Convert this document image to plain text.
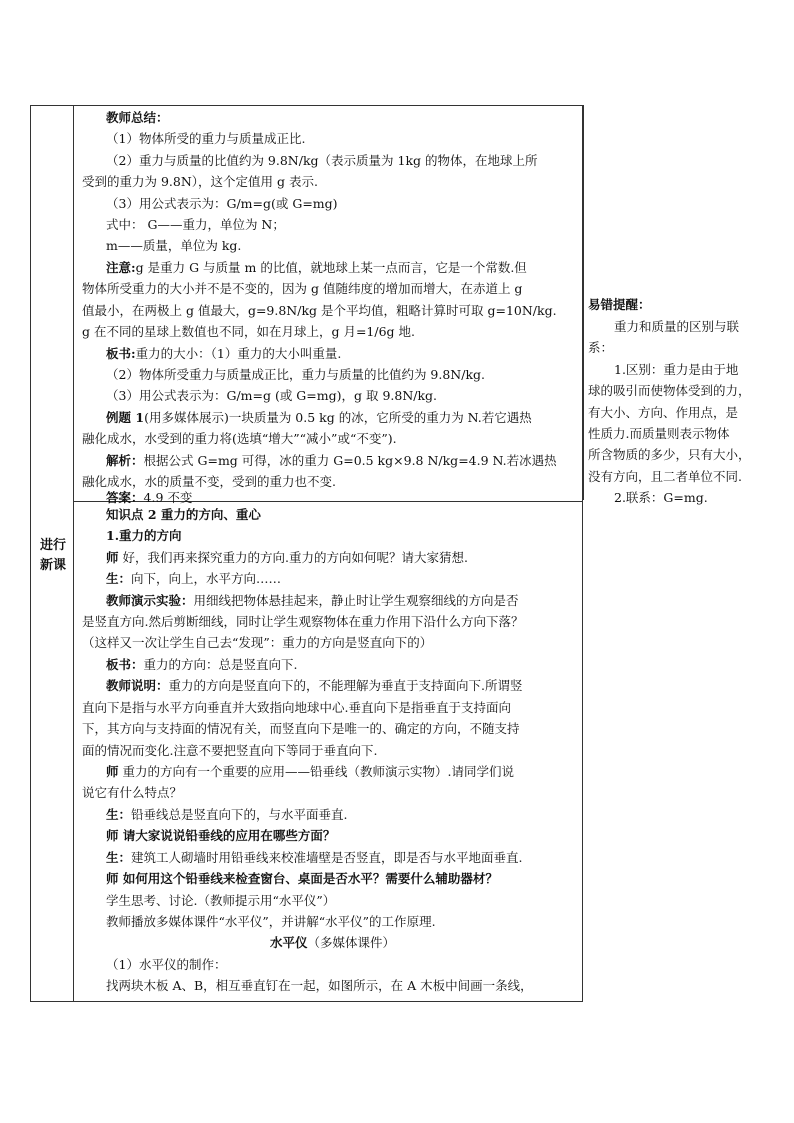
进行
新课
教师总结：
（1）物体所受的重力与质量成正比.
（2）重力与质量的比值约为 9.8N/kg（表示质量为 1kg 的物体，在地球上所
受到的重力为 9.8N），这个定值用 g 表示.
（3）用公式表示为：G/m=g(或 G=mg)
式中： G——重力，单位为 N；
m——质量，单位为 kg.
注意:g 是重力 G 与质量 m 的比值，就地球上某一点而言，它是一个常数.但
物体所受重力的大小并不是不变的，因为 g 值随纬度的增加而增大，在赤道上 g
值最小，在两极上 g 值最大，g=9.8N/kg 是个平均值，粗略计算时可取 g=10N/kg.
g 在不同的星球上数值也不同，如在月球上，g 月=1/6g 地.
板书:重力的大小：（1）重力的大小叫重量.
（2）物体所受重力与质量成正比，重力与质量的比值约为 9.8N/kg.
（3）用公式表示为：G/m=g (或 G=mg)，g 取 9.8N/kg.
例题 1(用多媒体展示)一块质量为 0.5 kg 的冰，它所受的重力为 N.若它遇热
融化成水，水受到的重力将(选填“增大”“减小”或“不变”).
解析：根据公式 G=mg 可得，冰的重力 G=0.5 kg×9.8 N/kg=4.9 N.若冰遇热
融化成水，水的质量不变，受到的重力也不变.
答案：4.9 不变
知识点 2 重力的方向、重心
1.重力的方向
师 好，我们再来探究重力的方向.重力的方向如何呢？请大家猜想.
生：向下，向上，水平方向……
教师演示实验：用细线把物体悬挂起来，静止时让学生观察细线的方向是否
是竖直方向.然后剪断细线，同时让学生观察物体在重力作用下沿什么方向下落？
（这样又一次让学生自己去“发现”：重力的方向是竖直向下的）
板书：重力的方向：总是竖直向下.
教师说明：重力的方向是竖直向下的，不能理解为垂直于支持面向下.所谓竖
直向下是指与水平方向垂直并大致指向地球中心.垂直向下是指垂直于支持面向
下，其方向与支持面的情况有关，而竖直向下是唯一的、确定的方向，不随支持
面的情况而变化.注意不要把竖直向下等同于垂直向下.
师 重力的方向有一个重要的应用——铅垂线（教师演示实物）.请同学们说
说它有什么特点？
生：铅垂线总是竖直向下的，与水平面垂直.
师 请大家说说铅垂线的应用在哪些方面？
生：建筑工人砌墙时用铅垂线来校准墙壁是否竖直，即是否与水平地面垂直.
师 如何用这个铅垂线来检查窗台、桌面是否水平？需要什么辅助器材？
学生思考、讨论.（教师提示用“水平仪”）
教师播放多媒体课件“水平仪”，并讲解“水平仪”的工作原理.
水平仪（多媒体课件）
（1）水平仪的制作：
找两块木板 A、B，相互垂直钉在一起，如图所示，在 A 木板中间画一条线，
易错提醒：
重力和质量的区别与联
系：
1.区别：重力是由于地
球的吸引而使物体受到的力，
有大小、方向、作用点，是
性质力.而质量则表示物体
所含物质的多少，只有大小，
没有方向，且二者单位不同.
2.联系：G=mg.
